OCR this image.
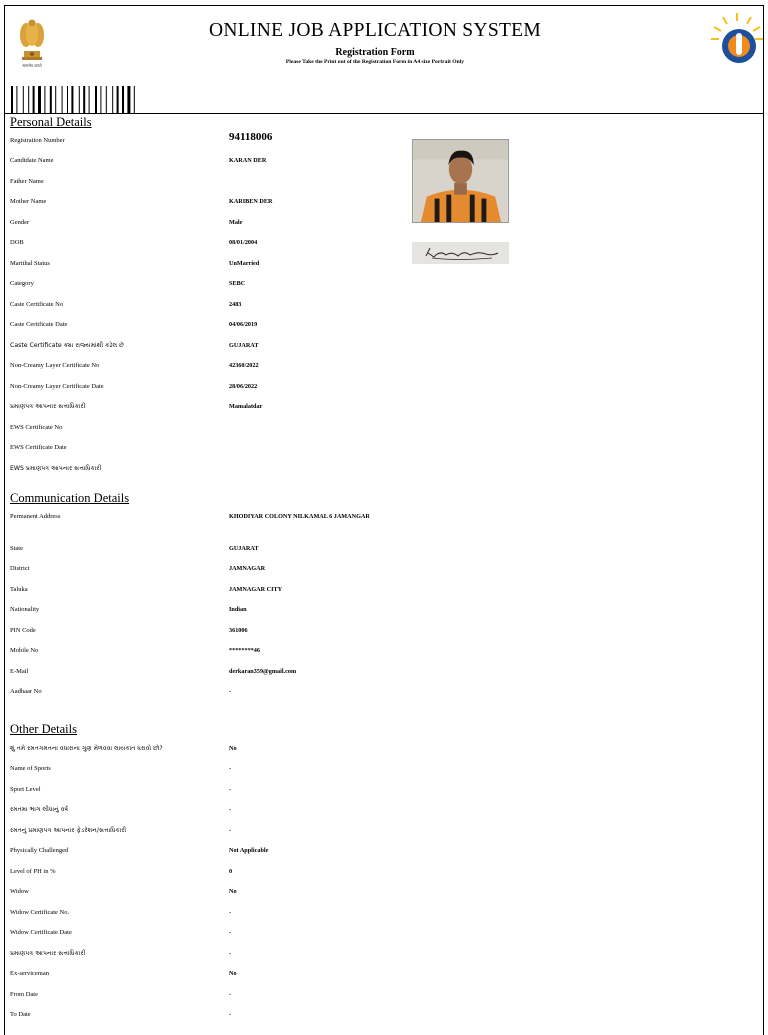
सत्यमेव जयते
ONLINE JOB APPLICATION SYSTEM
Registration Form
Please Take the Print out of the Registration Form in A4 size Portrait Only
Personal Details
Communication Details
Other Details
Registration Number	94118006
Candidate Name	KARAN DER
Father Name
Mother Name	KARIBEN DER
Gender	Male
DOB	08/01/2004
Marithal Status	UnMarried
Category	SEBC
Caste Certificate No	2483
Caste Certificate Date	04/06/2019
Caste Certificate ક્યા રાજ્યમાંથી કઢેલ છે	GUJARAT
Non-Creamy Layer Certificate No	42360/2022
Non-Creamy Layer Certificate Date	28/06/2022
પ્રમાણપત્ર આપનાર સત્તાધિકારી	Mamalatdar
EWS Certificate No
EWS Certificate Date
EWS પ્રમાણપત્ર આપનાર સત્તાધિકારી
Permanent Address	KHODIYAR COLONY NILKAMAL 6 JAMANGAR
State	GUJARAT
District	JAMNAGAR
Taluka	JAMNAGAR CITY
Nationality	Indian
PIN Code	361006
Mobile No	********46
E-Mail	derkaran359@gmail.com
Aadhaar No	-
શું તમે રમતગમતના વધારાના ગુણ મેળવવા લાયકાત ધરાવો છો?	No
Name of Sports	-
Sport Level	-
રમતમા ભાગ લીધાનું વર્ષ	-
રમતનું પ્રમાણપત્ર આપનાર ફેડરેશન/સત્તાધિકારી	-
Physically Challenged	Not Applicable
Level of PH in %	0
Widow	No
Widow Certificate No.	-
Widow Certificate Date	-
પ્રમાણપત્ર આપનાર સત્તાધિકારી	-
Ex-serviceman	No
From Date	-
To Date	-
